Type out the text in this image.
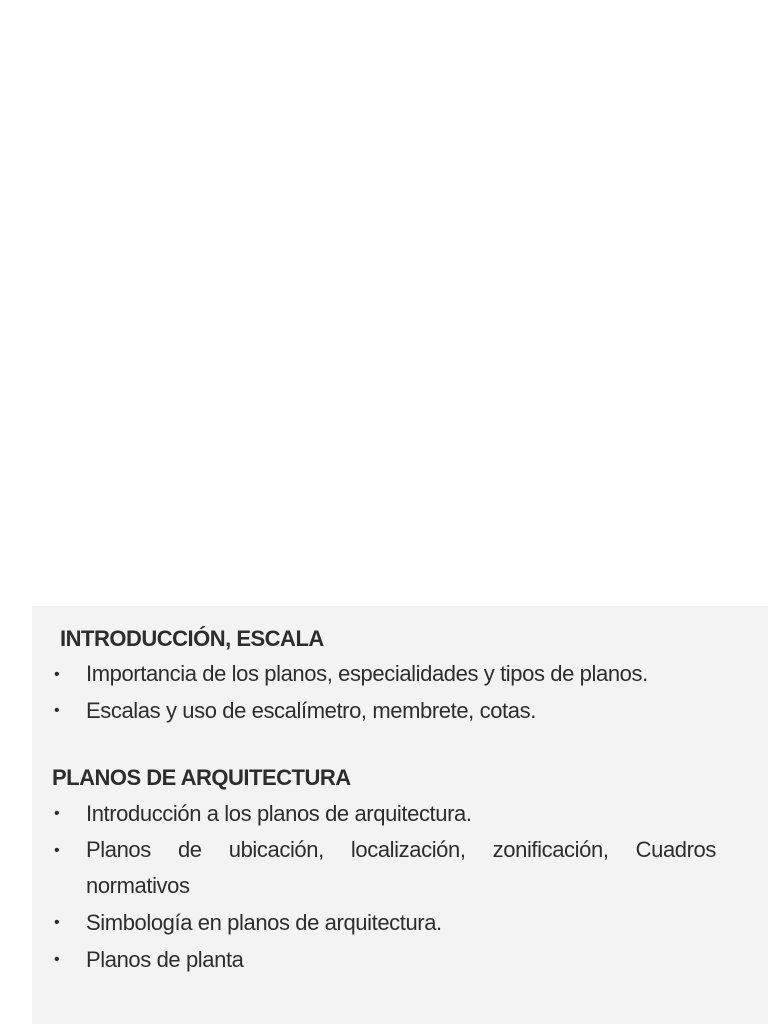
INTRODUCCIÓN, ESCALA
• Importancia de los planos, especialidades y tipos de planos.
• Escalas y uso de escalímetro, membrete, cotas.
PLANOS DE ARQUITECTURA
• Introducción a los planos de arquitectura.
• Planos de ubicación, localización, zonificación, Cuadros normativos
• Simbología en planos de arquitectura.
• Planos de planta
